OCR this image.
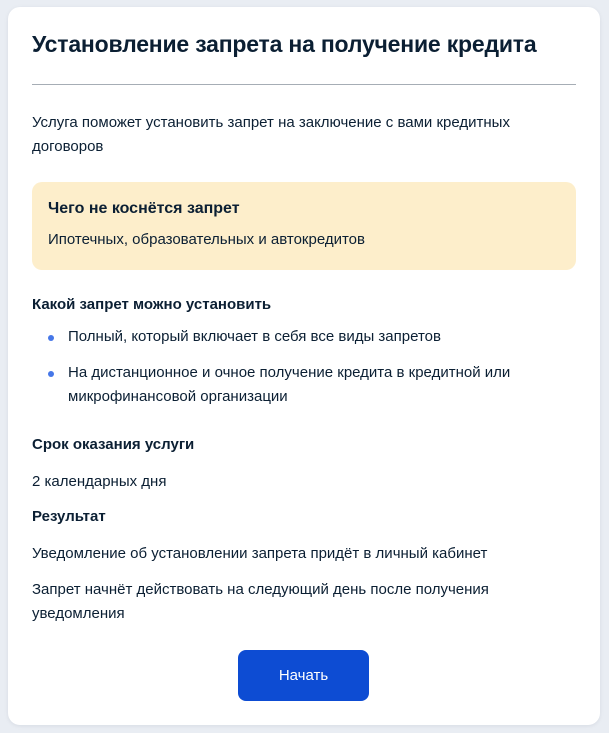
Установление запрета на получение кредита

Услуга поможет установить запрет на заключение с вами кредитных договоров

Чего не коснётся запрет

Ипотечных, образовательных и автокредитов

Какой запрет можно установить

Полный, который включает в себя все виды запретов
На дистанционное и очное получение кредита в кредитной или микрофинансовой организации

Срок оказания услуги

2 календарных дня

Результат

Уведомление об установлении запрета придёт в личный кабинет

Запрет начнёт действовать на следующий день после получения уведомления

Начать
